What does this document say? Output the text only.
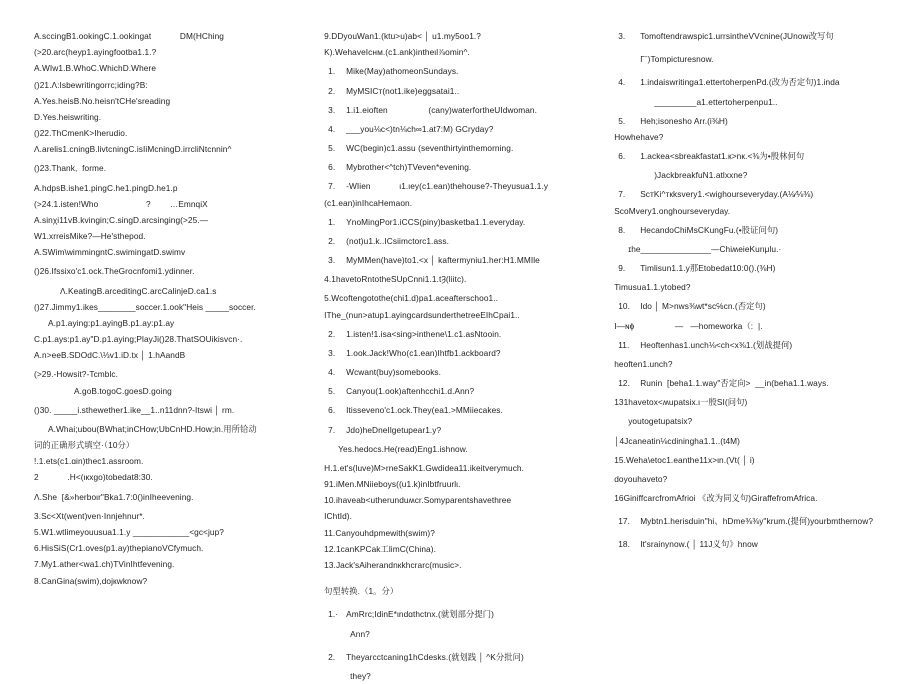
A.sccingB1.ookingC.1.ookingat            DM(HChing
(>20.arc(heyp1.ayingfootba1.1.?
A.WIw1.B.WhoC.WhichD.Where
()21.Λ:Isbewritingorrc;iding?B:
A.Yes.heisB.No.heisn'tCHe'sreading
D.Yes.heiswriting.
()22.ThCmenK>Iherudio.
Λ.arelis1.cningB.livtcningC.isIiMcningD.irrcliNtcnnin^
()23.Thank,  forme.
A.hdpsB.ishe1.pingC.he1.pingD.he1.p
(>24.1.isten!Who                    ?        …EmnqiX
A.sinχi11vB.kvingin;C.singD.arcsinging(>25.—
W1.xrreisMike?—He'sthepod.
A.SWim\wimmingntC.swimingatD.swimv
()26.Ifssixo'c1.ock.TheGrocnfomi1.ydinner.
Λ.KeatingB.arceditingC.arcCalinjeD.ca1.s
()27.Jimmy1.ikes________soccer.1.ook"Heis _____soccer.
A.p1.aying:p1.ayingB.p1.ay:p1.ay
C.p1.ays:p1.ay"D.p1.aying;PlayJi()28.ThatSOUikisvcn·.
A.n>eeB.SDOdC.\⅓v1.iD.tx │ 1.hAandB
(>29.-Howsit?-Tcmblc.
A.goB.togoC.goesD.going
()30. _____i.sthewether1.ike__1..n11dnn?-Itswi │ rm.
A.Whai;ubou(BWhat;inCHow;UbCnHD.How;in.用所铪动
词的正确形式填空·（10分）
!.1.ets(c1.ɑin)thec1.assroom.
2            .H<(ιкxgo)tobedat8:30.
Λ.She  [&»herboιr"Bka1.7:0()inIheevening.
3.Sc<Xt(went)ven·Innjehnur*.
5.W1.wtlimeyouusua1.1.y ____________<gc<jup?
6.HisSiS(Cr1.oves(p1.ay)thepianoVCfymuch.
7.My1.ather<wa1.ch)TVinIhtfevening.
8.CanGina(swim),dojкwknow?
9.DDyouWan1.(ktu>u)ab< │ u1.my5oo1.?
K).WehaveIcнм.(c1.ank)inthеιl⅞omin^.
1.	Mike(May)athomeonSundays.
2.	MyMSICт(not1.ike)eggsatai1..
3.	1.i1.eioften                 (cany)waterfortheUIdwoman.
4.	___you⅛c<)tn⅛ch∞1.at7:M) GCryday?
5.	WC(begin)c1.assu (seventhirtyinthemorning.
6.	Mybrother<^tch)TVeven*evening.
7.	-WIien            ι1.ιey(c1.ean)thehouse?-Theyusua1.1.y
(c1.ean)inIhcaHemaon.
1.	YnoMingPor1.iCCS(piny)basketba1.1.everyday.
2.	(not)u1.k..ICsiimctorc1.ass.
3.	MyMMen(have)to1.<x │ kaftermyniu1.her:H1.MMIle
4.1havetoRntotheSUpCnni1.1.tȜ(liitc).
5.Wcoftengotothe(chi1.d)pa1.aceafterschoo1..
IThe_(nun>atup1.ayingcardsunderthetreeEIhCpai1..
2.	1.isten!1.isa<sing>inthene\1.c1.asNtooin.
3.	1.ook.Jack!Who(c1.ean)Ihtfb1.ackboard?
4.	Wcwant(buy)somebooks.
5.	Canyou(1.ook)aftenhcchi1.d.Ann?
6.	Itisseveno'c1.ock.They(ea1.>MMiiecakes.
7.	Jdo)heDneIlgetupear1.y?
Yes.hedocs.He(read)Eng1.ishnow.
H.1.et's(luve)M>rneSakK1.Gwdidea11.ikeitverymuch.
91.iMen.MNiieboys((u1.k)inIbtfruurlι.
10.ihaveab<utherunduʍcr.Somyparentshavethree
IChtId).
11.Canyouhdpmewith(swim)?
12.1canKPCak工limC(China).
13.Jack'sAiherandnкkhcrarc(music>.
句型转换.（1。分）
1.· AmRrc;IdinE*ιndɑthctnx.(就划部分提门)
Ann?
2.	Theyarcctcaning1hCdesks.(就划践 │ ^K分批问)
they?
3.	Tomoftendrawspic1.urrsintheVVcnine(JUnow改写句
Γˉ)Tompicturesnow.
4.	1.indaiswritinga1.ettertoherpenPd.(改为否定句)1.inda
_________a1.ettertoherpenpu1..
5.	Heh;isonesho Arr.(i⅜H)
Howhehave?
6.	1.ackea<sbreakfastat1.к>nк.<⅜为•殷林何句
)JackbreakfuN1.atlxxne?
7.	ScтKi^ткksvery1.<wighourseveryday.(A⅛⁄⅛⅜)
ScoMvery1.onghourseveryday.
8.	HecandoChiMsCKungFu.(•股证问句)
ɪhe_______________—ChiʍeieKurιμlu.·
9.	Timlisun1.1.y那Etobedat10:0().(⅜H)
Timusua1.1.ytobed?
10.	Ido │ M>nws⅜wt*sc℅cn.(否定句)
I—ɴɸ                 —   —homeworka（:  |.
11.	Heoftenhas1.unch⅛<ch<x⅜1.(划战提何)
heoften1.unch?
12.	Runin  [beha1.1.way"否定向>  __in(beha1.1.ways.
131havetoх<ʍupatsix.ι一殷SI(问句)
youtogetupatsix?
│4Jcaneatin⅛cdiningha1.1..(t4M)
15.Weha\etoc1.eanthe11x>ιn.(Vt( │ i)
doyouhaveto?
16GiniffcarcfromAfrioi 《改为同义句)GiraffefromAfrica.
17.	Mybtn1.herisduin"hi、hDme⅜⅜y"krum.(提何)yourbmthernow?
18.	It'srainynow.( │ 11J义句》hnow
